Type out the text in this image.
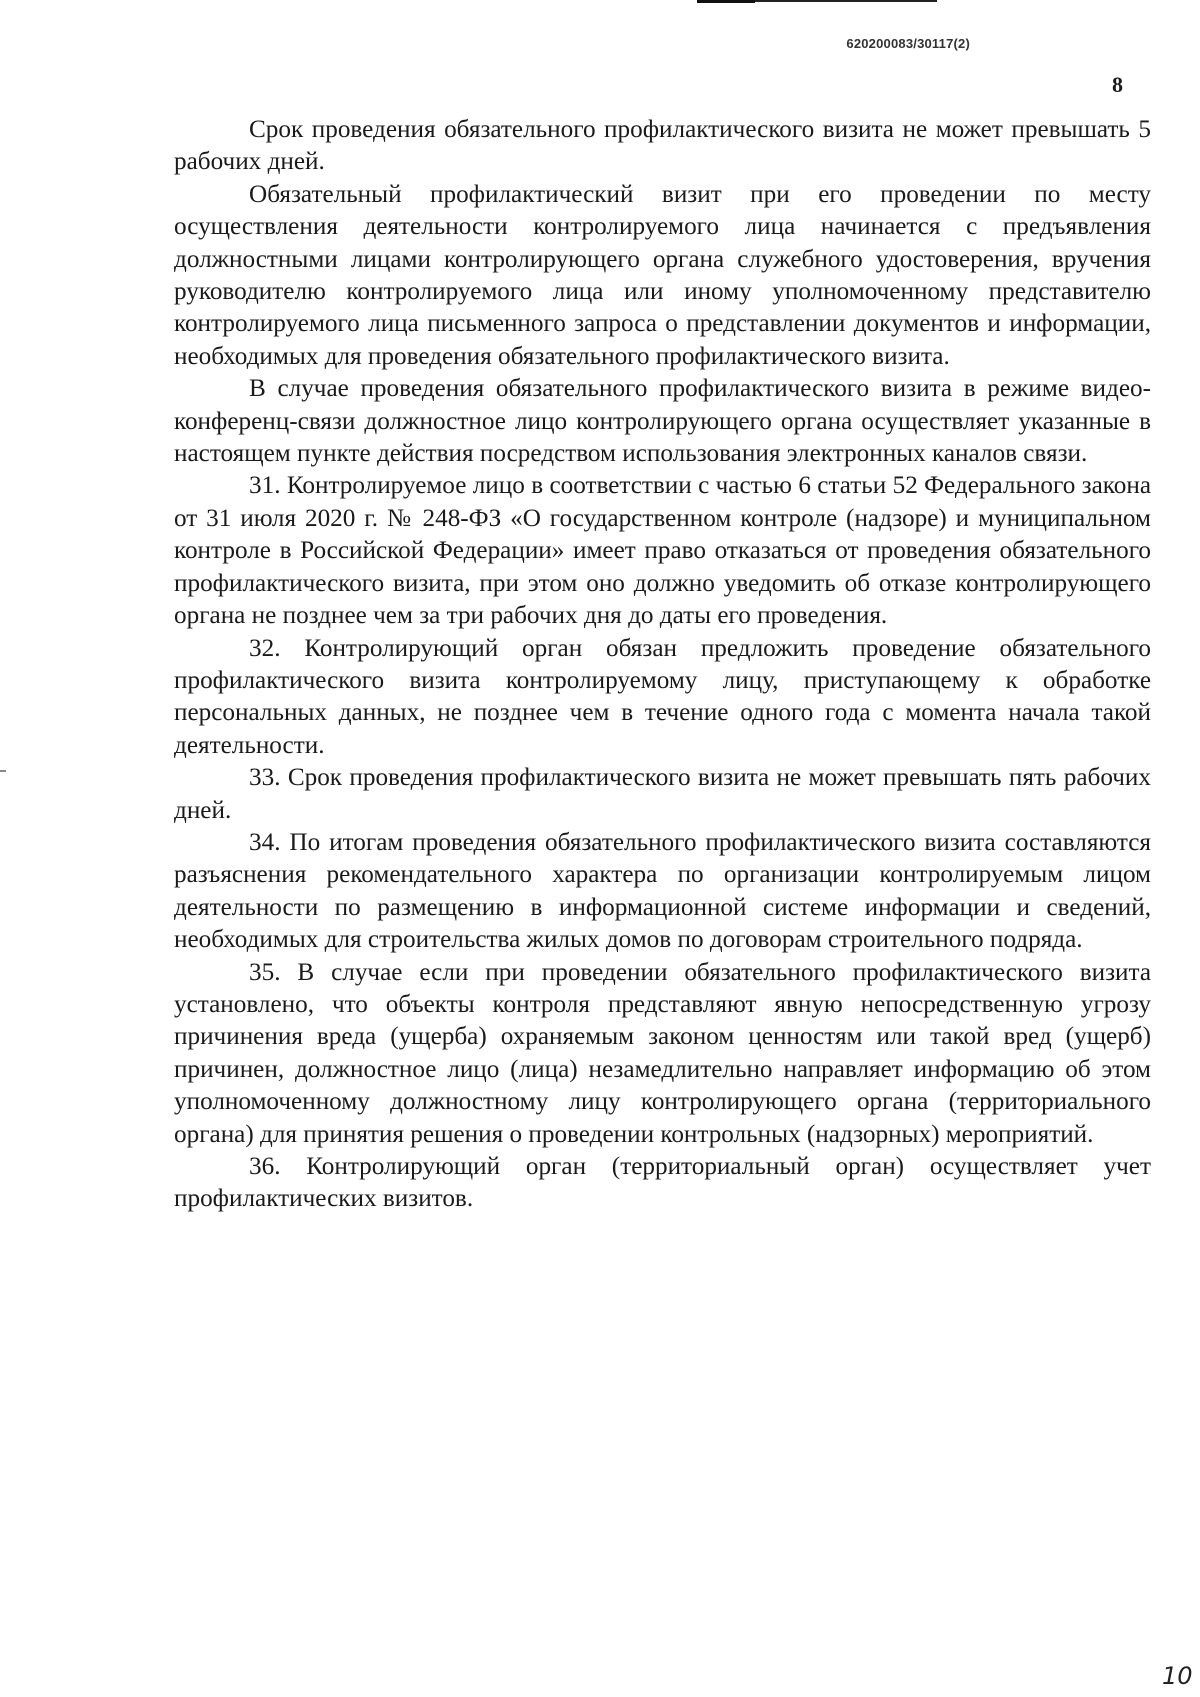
620200083/30117(2)
8

Срок проведения обязательного профилактического визита не может превышать 5 рабочих дней.

Обязательный профилактический визит при его проведении по месту осуществления деятельности контролируемого лица начинается с предъявления должностными лицами контролирующего органа служебного удостоверения, вручения руководителю контролируемого лица или иному уполномоченному представителю контролируемого лица письменного запроса о представлении документов и информации, необходимых для проведения обязательного профилактического визита.

В случае проведения обязательного профилактического визита в режиме видео-конференц-связи должностное лицо контролирующего органа осуществляет указанные в настоящем пункте действия посредством использования электронных каналов связи.

31. Контролируемое лицо в соответствии с частью 6 статьи 52 Федерального закона от 31 июля 2020 г. № 248-ФЗ «О государственном контроле (надзоре) и муниципальном контроле в Российской Федерации» имеет право отказаться от проведения обязательного профилактического визита, при этом оно должно уведомить об отказе контролирующего органа не позднее чем за три рабочих дня до даты его проведения.

32. Контролирующий орган обязан предложить проведение обязательного профилактического визита контролируемому лицу, приступающему к обработке персональных данных, не позднее чем в течение одного года с момента начала такой деятельности.

33. Срок проведения профилактического визита не может превышать пять рабочих дней.

34. По итогам проведения обязательного профилактического визита составляются разъяснения рекомендательного характера по организации контролируемым лицом деятельности по размещению в информационной системе информации и сведений, необходимых для строительства жилых домов по договорам строительного подряда.

35. В случае если при проведении обязательного профилактического визита установлено, что объекты контроля представляют явную непосредственную угрозу причинения вреда (ущерба) охраняемым законом ценностям или такой вред (ущерб) причинен, должностное лицо (лица) незамедлительно направляет информацию об этом уполномоченному должностному лицу контролирующего органа (территориального органа) для принятия решения о проведении контрольных (надзорных) мероприятий.

36. Контролирующий орган (территориальный орган) осуществляет учет профилактических визитов.

10
